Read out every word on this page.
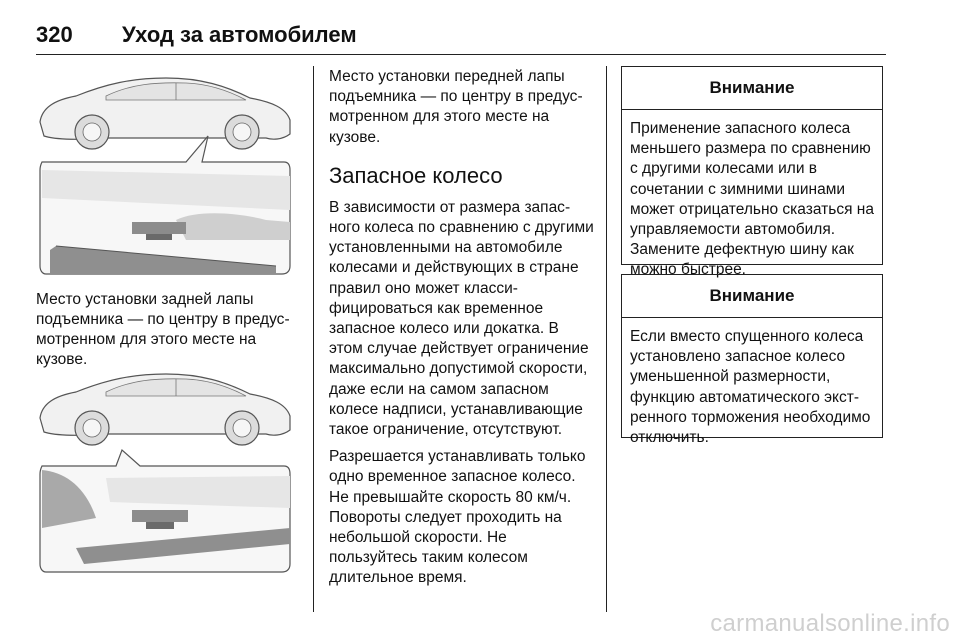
320 Уход за автомобилем
Место установки задней лапы подъемника — по центру в предусмотренном для этого месте на кузове.

Место установки передней лапы подъемника — по центру в предусмотренном для этого месте на кузове.

Запасное колесо

В зависимости от размера запасного колеса по сравнению с другими установленными на автомобиле колесами и действующих в стране правил оно может классифицироваться как временное запасное колесо или докатка. В этом случае действует ограничение максимально допустимой скорости, даже если на самом запасном колесе надписи, устанавливающие такое ограничение, отсутствуют.

Разрешается устанавливать только одно временное запасное колесо. Не превышайте скорость 80 км/ч. Повороты следует проходить на небольшой скорости. Не пользуйтесь таким колесом длительное время.

Внимание
Применение запасного колеса меньшего размера по сравнению с другими колесами или в сочетании с зимними шинами может отрицательно сказаться на управляемости автомобиля. Замените дефектную шину как можно быстрее.
Внимание
Если вместо спущенного колеса установлено запасное колесо уменьшенной размерности, функцию автоматического экстренного торможения необходимо отключить.
carmanualsonline.info
